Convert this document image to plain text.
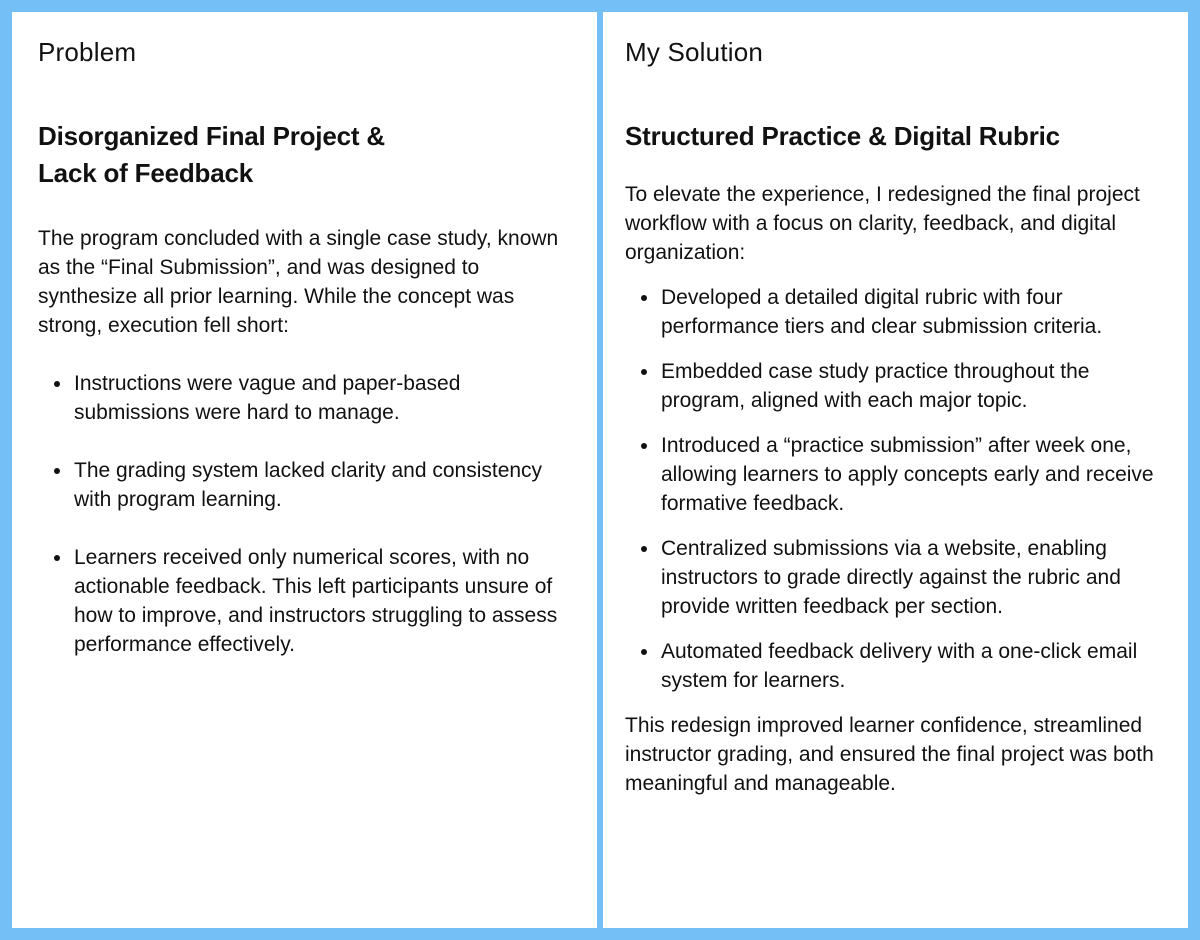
Problem

Disorganized Final Project &
Lack of Feedback

The program concluded with a single case study, known as the “Final Submission”, and was designed to synthesize all prior learning. While the concept was strong, execution fell short:

Instructions were vague and paper-based submissions were hard to manage.
The grading system lacked clarity and consistency with program learning.
Learners received only numerical scores, with no actionable feedback. This left participants unsure of how to improve, and instructors struggling to assess performance effectively.

My Solution

Structured Practice & Digital Rubric

To elevate the experience, I redesigned the final project workflow with a focus on clarity, feedback, and digital organization:

Developed a detailed digital rubric with four performance tiers and clear submission criteria.
Embedded case study practice throughout the program, aligned with each major topic.
Introduced a “practice submission” after week one, allowing learners to apply concepts early and receive formative feedback.
Centralized submissions via a website, enabling instructors to grade directly against the rubric and provide written feedback per section.
Automated feedback delivery with a one-click email system for learners.

This redesign improved learner confidence, streamlined instructor grading, and ensured the final project was both meaningful and manageable.
